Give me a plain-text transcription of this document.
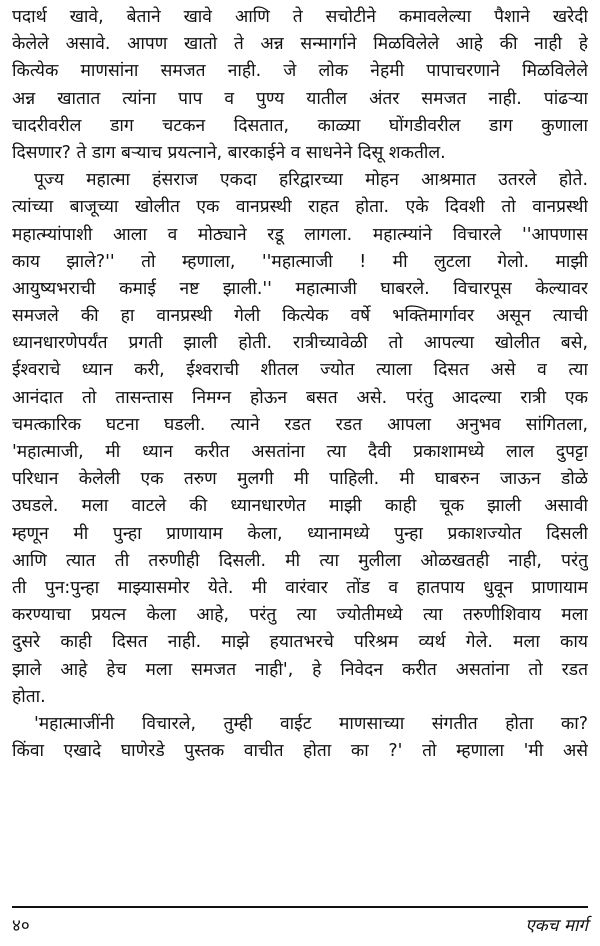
पदार्थ खावे, बेताने खावे आणि ते सचोटीने कमावलेल्या पैशाने खरेदी
केलेले असावे. आपण खातो ते अन्न सन्मार्गाने मिळविलेले आहे की नाही हे
कित्येक माणसांना समजत नाही. जे लोक नेहमी पापाचरणाने मिळविलेले
अन्न खातात त्यांना पाप व पुण्य यातील अंतर समजत नाही. पांढऱ्या
चादरीवरील डाग चटकन दिसतात, काळ्या घोंगडीवरील डाग कुणाला
दिसणार? ते डाग बऱ्याच प्रयत्नाने, बारकाईने व साधनेने दिसू शकतील.
पूज्य महात्मा हंसराज एकदा हरिद्वारच्या मोहन आश्रमात उतरले होते.
त्यांच्या बाजूच्या खोलीत एक वानप्रस्थी राहत होता. एके दिवशी तो वानप्रस्थी
महात्म्यांपाशी आला व मोठ्याने रडू लागला. महात्म्यांने विचारले ''आपणास
काय झाले?'' तो म्हणाला, ''महात्माजी ! मी लुटला गेलो. माझी
आयुष्यभराची कमाई नष्ट झाली.'' महात्माजी घाबरले. विचारपूस केल्यावर
समजले की हा वानप्रस्थी गेली कित्येक वर्षे भक्तिमार्गावर असून त्याची
ध्यानधारणेपर्यंत प्रगती झाली होती. रात्रीच्यावेळी तो आपल्या खोलीत बसे,
ईश्वराचे ध्यान करी, ईश्वराची शीतल ज्योत त्याला दिसत असे व त्या
आनंदात तो तासन्तास निमग्न होऊन बसत असे. परंतु आदल्या रात्री एक
चमत्कारिक घटना घडली. त्याने रडत रडत आपला अनुभव सांगितला,
'महात्माजी, मी ध्यान करीत असतांना त्या दैवी प्रकाशामध्ये लाल दुपट्टा
परिधान केलेली एक तरुण मुलगी मी पाहिली. मी घाबरुन जाऊन डोळे
उघडले. मला वाटले की ध्यानधारणेत माझी काही चूक झाली असावी
म्हणून मी पुन्हा प्राणायाम केला, ध्यानामध्ये पुन्हा प्रकाशज्योत दिसली
आणि त्यात ती तरुणीही दिसली. मी त्या मुलीला ओळखतही नाही, परंतु
ती पुन:पुन्हा माझ्यासमोर येते. मी वारंवार तोंड व हातपाय धुवून प्राणायाम
करण्याचा प्रयत्न केला आहे, परंतु त्या ज्योतीमध्ये त्या तरुणीशिवाय मला
दुसरे काही दिसत नाही. माझे हयातभरचे परिश्रम व्यर्थ गेले. मला काय
झाले आहे हेच मला समजत नाही', हे निवेदन करीत असतांना तो रडत
होता.
'महात्माजींनी विचारले, तुम्ही वाईट माणसाच्या संगतीत होता का?
किंवा एखादे घाणेरडे पुस्तक वाचीत होता का ?' तो म्हणाला 'मी असे
४०	एकच मार्ग
